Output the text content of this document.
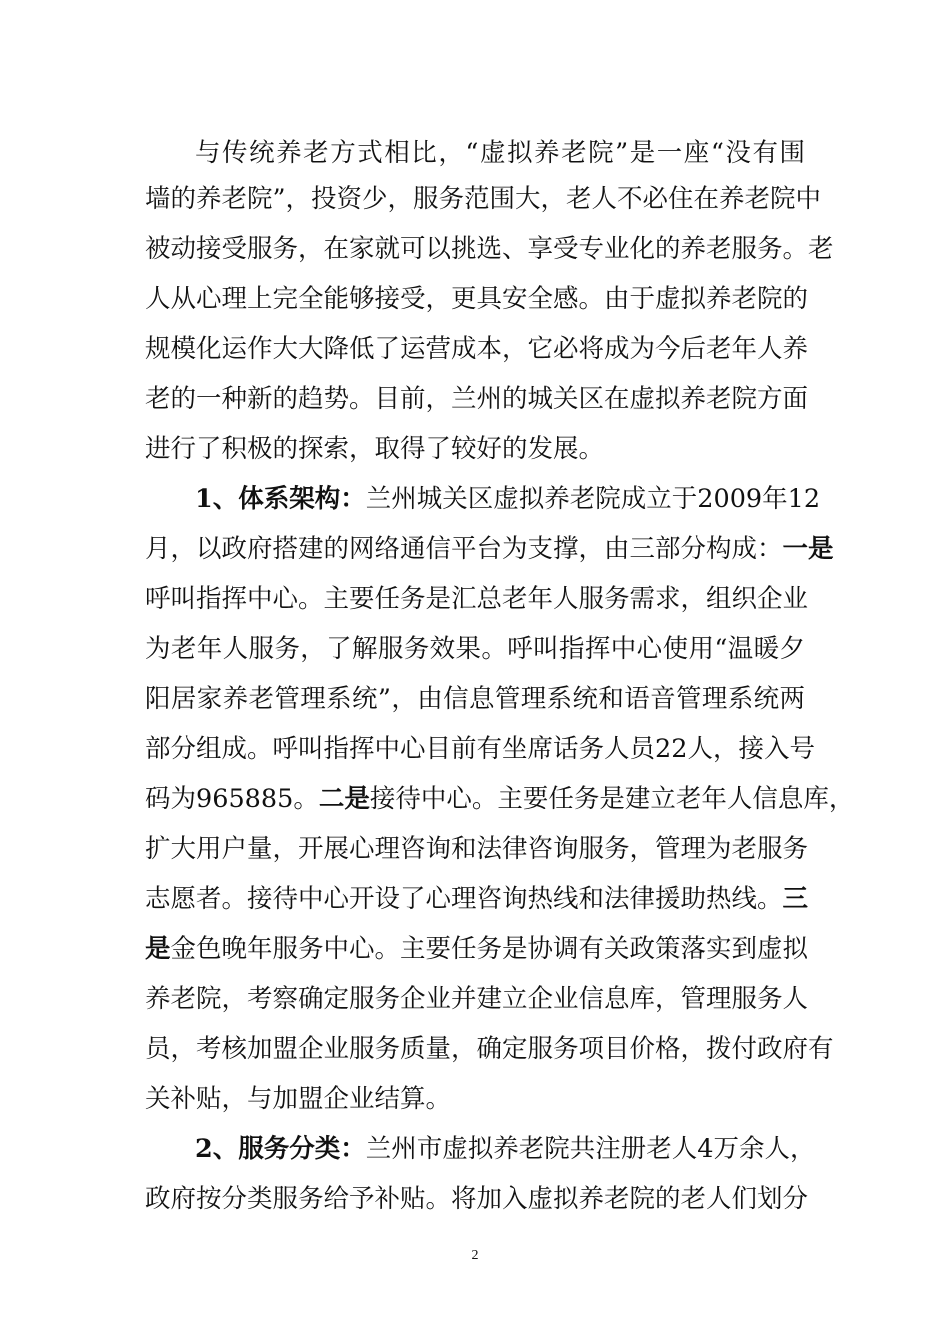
与传统养老方式相比，“虚拟养老院”是一座“没有围
墙的养老院”，投资少，服务范围大，老人不必住在养老院中
被动接受服务，在家就可以挑选、享受专业化的养老服务。老
人从心理上完全能够接受，更具安全感。由于虚拟养老院的
规模化运作大大降低了运营成本，它必将成为今后老年人养
老的一种新的趋势。目前，兰州的城关区在虚拟养老院方面
进行了积极的探索，取得了较好的发展。
1、体系架构：兰州城关区虚拟养老院成立于2009年12
月，以政府搭建的网络通信平台为支撑，由三部分构成：一是
呼叫指挥中心。主要任务是汇总老年人服务需求，组织企业
为老年人服务，了解服务效果。呼叫指挥中心使用“温暖夕
阳居家养老管理系统”，由信息管理系统和语音管理系统两
部分组成。呼叫指挥中心目前有坐席话务人员22人，接入号
码为965885。二是接待中心。主要任务是建立老年人信息库，
扩大用户量，开展心理咨询和法律咨询服务，管理为老服务
志愿者。接待中心开设了心理咨询热线和法律援助热线。三
是金色晚年服务中心。主要任务是协调有关政策落实到虚拟
养老院，考察确定服务企业并建立企业信息库，管理服务人
员，考核加盟企业服务质量，确定服务项目价格，拨付政府有
关补贴，与加盟企业结算。
2、服务分类：兰州市虚拟养老院共注册老人4万余人，
政府按分类服务给予补贴。将加入虚拟养老院的老人们划分
2
